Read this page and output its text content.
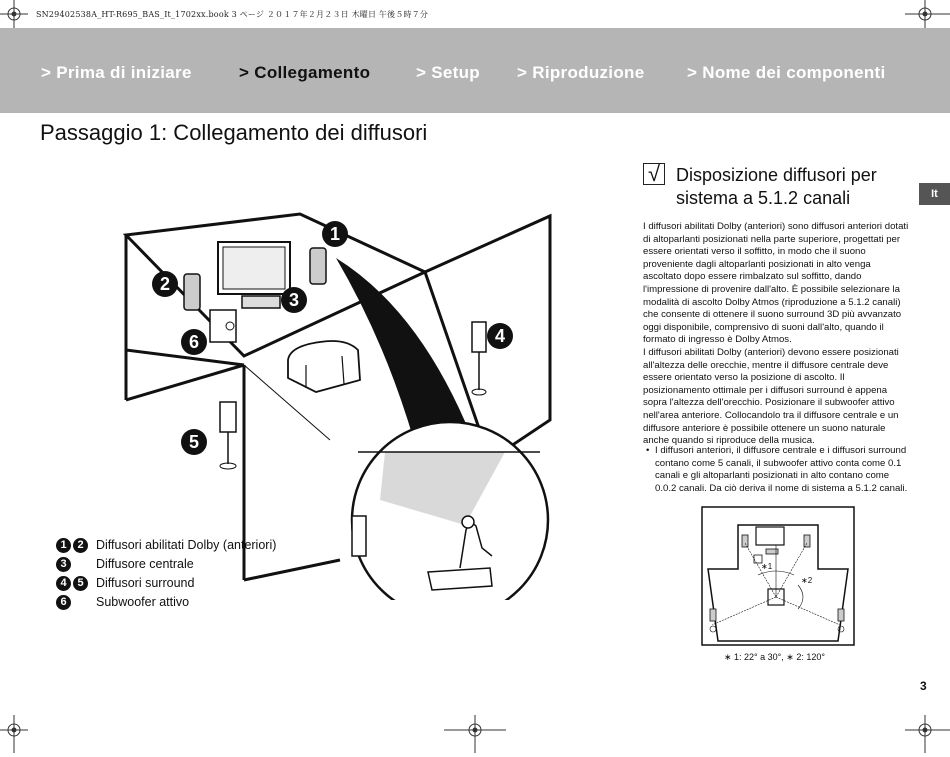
SN29402538A_HT-R695_BAS_It_1702xx.book 3 ページ ２０１７年２月２３日 木曜日 午後５時７分
> Prima di iniziare	> Collegamento	> Setup > Riproduzione	> Nome dei componenti
Passaggio 1: Collegamento dei diffusori
It
1
2
3
4
5
6
1 2 Diffusori abilitati Dolby (anteriori)
3	Diffusore centrale
4 5 Diffusori surround
6	Subwoofer attivo
√ Disposizione diffusori per sistema a 5.1.2 canali

I diffusori abilitati Dolby (anteriori) sono diffusori anteriori dotati di altoparlanti posizionati nella parte superiore, progettati per essere orientati verso il soffitto, in modo che il suono proveniente dagli altoparlanti posizionati in alto venga ascoltato dopo essere rimbalzato sul soffitto, dando l'impressione di provenire dall'alto. È possibile selezionare la modalità di ascolto Dolby Atmos (riproduzione a 5.1.2 canali) che consente di ottenere il suono surround 3D più avvanzato oggi disponibile, comprensivo di suoni dall'alto, quando il formato di ingresso è Dolby Atmos.

I diffusori abilitati Dolby (anteriori) devono essere posizionati all'altezza delle orecchie, mentre il diffusore centrale deve essere orientato verso la posizione di ascolto. Il posizionamento ottimale per i diffusori surround è appena sopra l'altezza dell'orecchio. Posizionare il subwoofer attivo nell'area anteriore. Collocandolo tra il diffusore centrale e un diffusore anteriore è possibile ottenere un suono naturale anche quando si riproduce della musica.

• I diffusori anteriori, il diffusore centrale e i diffusori surround contano come 5 canali, il subwoofer attivo conta come 0.1 canali e gli altoparlanti posizionati in alto contano come 0.0.2 canali. Da ciò deriva il nome di sistema a 5.1.2 canali.
∗1
∗2
∗ 1: 22° a 30°, ∗ 2: 120°
3
